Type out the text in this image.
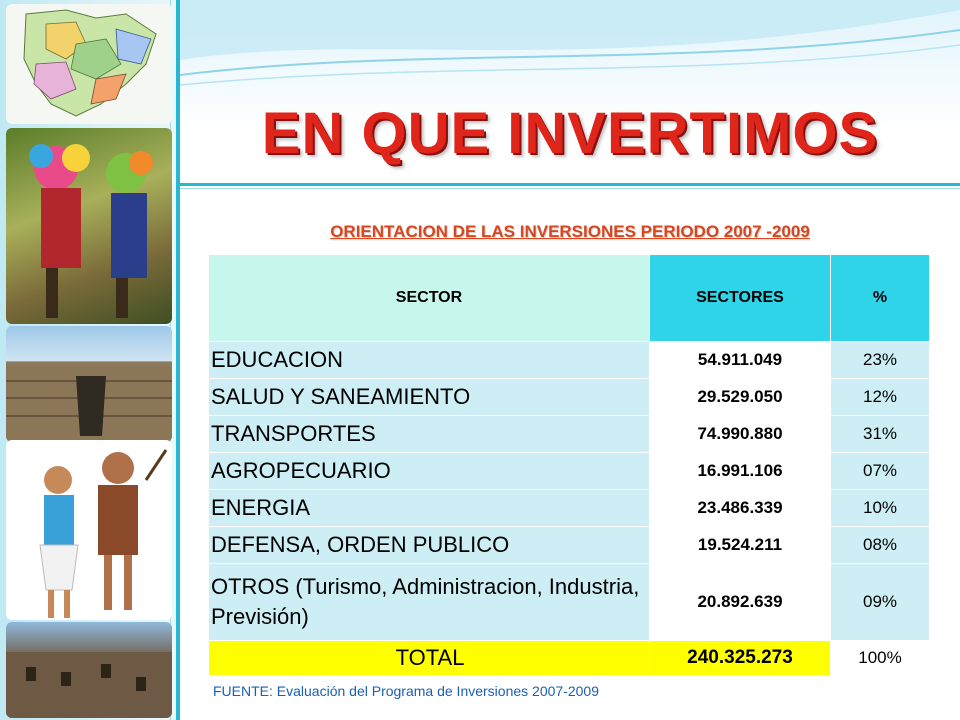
EN QUE INVERTIMOS
ORIENTACION DE LAS INVERSIONES PERIODO 2007 -2009
SECTOR	SECTORES	%
EDUCACION	54.911.049	23%
SALUD Y SANEAMIENTO	29.529.050	12%
TRANSPORTES	74.990.880	31%
AGROPECUARIO	16.991.106	07%
ENERGIA	23.486.339	10%
DEFENSA, ORDEN PUBLICO	19.524.211	08%
OTROS (Turismo, Administracion, Industria, Previsión)	20.892.639	09%
TOTAL	240.325.273	100%
FUENTE: Evaluación del Programa de Inversiones 2007-2009
